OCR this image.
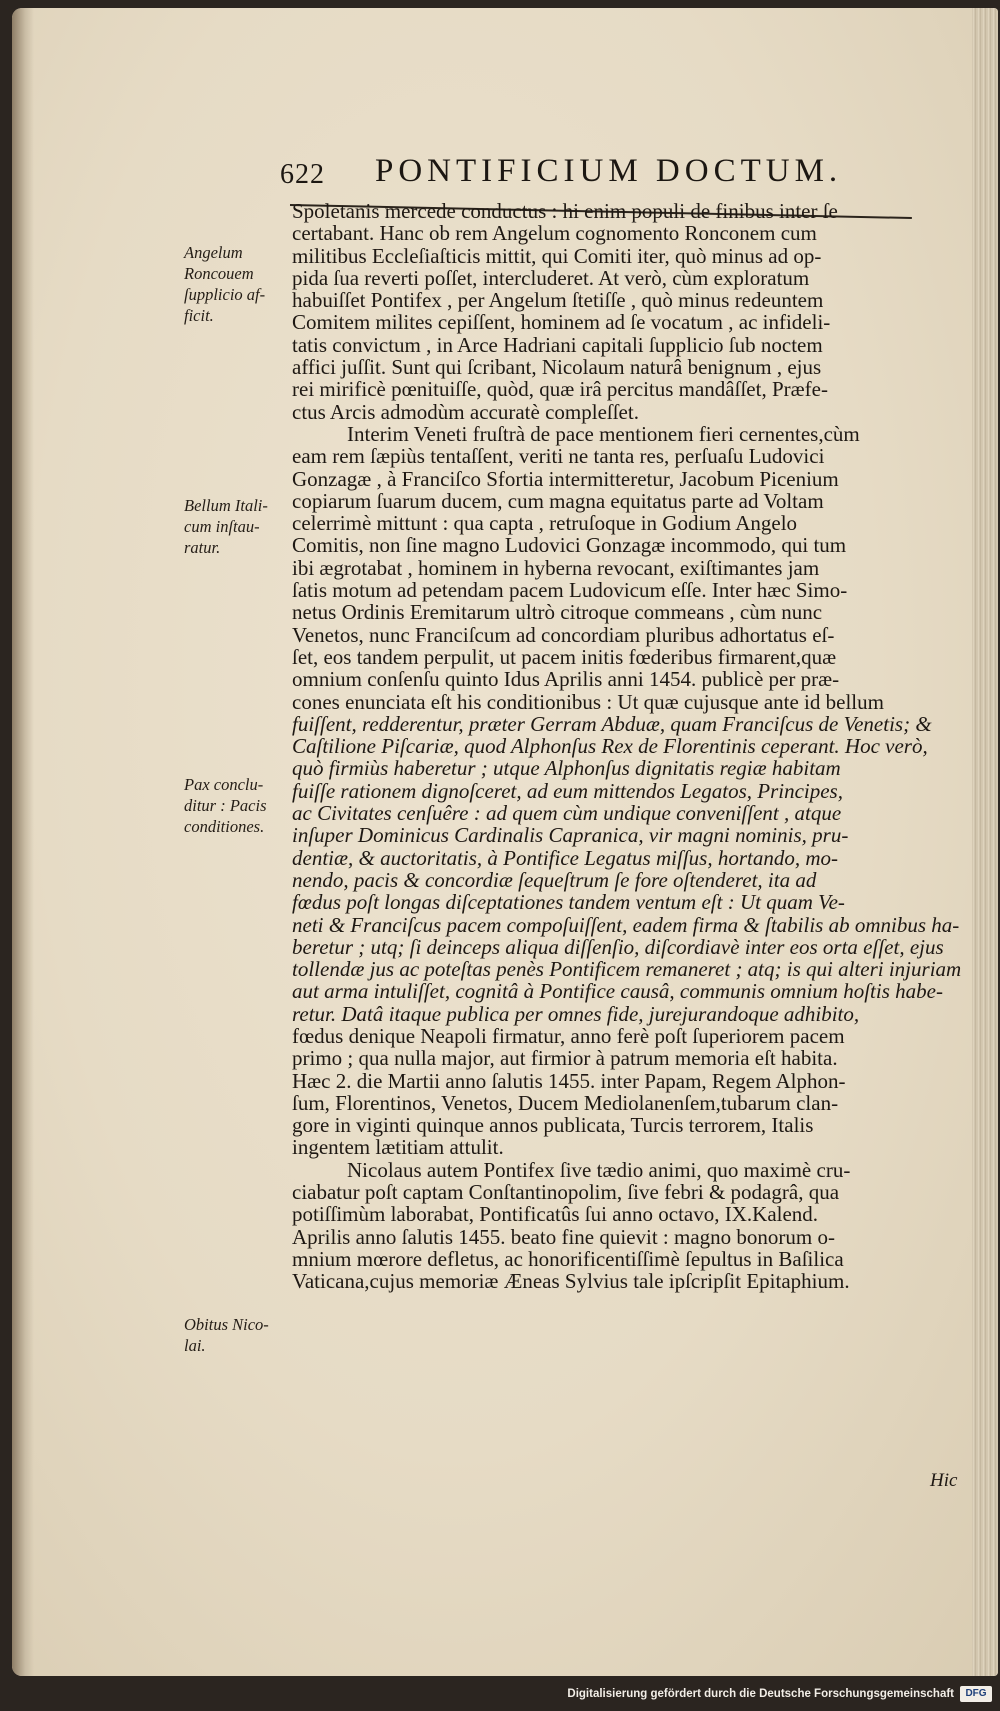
622 PONTIFICIUM DOCTUM.
Angelum
Roncouem
ſupplicio af-
ficit.
Bellum Itali-
cum inſtau-
ratur.
Pax conclu-
ditur : Pacis
conditiones.
Obitus Nico-
lai.
Spoletanis mercede conductus : hi enim populi de finibus inter ſe
certabant. Hanc ob rem Angelum cognomento Ronconem cum
militibus Eccleſiaſticis mittit, qui Comiti iter, quò minus ad op-
pida ſua reverti poſſet, intercluderet. At verò, cùm exploratum
habuiſſet Pontifex , per Angelum ſtetiſſe , quò minus redeuntem
Comitem milites cepiſſent, hominem ad ſe vocatum , ac infideli-
tatis convictum , in Arce Hadriani capitali ſupplicio ſub noctem
affici juſſit. Sunt qui ſcribant, Nicolaum naturâ benignum , ejus
rei mirificè pœnituiſſe, quòd, quæ irâ percitus mandâſſet, Præfe-
ctus Arcis admodùm accuratè compleſſet.
Interim Veneti fruſtrà de pace mentionem fieri cernentes,cùm
eam rem ſæpiùs tentaſſent, veriti ne tanta res, perſuaſu Ludovici
Gonzagæ , à Franciſco Sfortia intermitteretur, Jacobum Picenium
copiarum ſuarum ducem, cum magna equitatus parte ad Voltam
celerrimè mittunt : qua capta , retruſoque in Godium Angelo
Comitis, non ſine magno Ludovici Gonzagæ incommodo, qui tum
ibi ægrotabat , hominem in hyberna revocant, exiſtimantes jam
ſatis motum ad petendam pacem Ludovicum eſſe. Inter hæc Simo-
netus Ordinis Eremitarum ultrò citroque commeans , cùm nunc
Venetos, nunc Franciſcum ad concordiam pluribus adhortatus eſ-
ſet, eos tandem perpulit, ut pacem initis fœderibus firmarent,quæ
omnium conſenſu quinto Idus Aprilis anni 1454. publicè per præ-
cones enunciata eſt his conditionibus : Ut quæ cujusque ante id bellum
fuiſſent, redderentur, præter Gerram Abduæ, quam Franciſcus de Venetis; &
Caſtilione Piſcariæ, quod Alphonſus Rex de Florentinis ceperant. Hoc verò,
quò firmiùs haberetur ; utque Alphonſus dignitatis regiæ habitam
fuiſſe rationem dignoſceret, ad eum mittendos Legatos, Principes,
ac Civitates cenſuêre : ad quem cùm undique conveniſſent , atque
inſuper Dominicus Cardinalis Capranica, vir magni nominis, pru-
dentiæ, & auctoritatis, à Pontifice Legatus miſſus, hortando, mo-
nendo, pacis & concordiæ ſequeſtrum ſe fore oſtenderet, ita ad
fœdus poſt longas diſceptationes tandem ventum eſt : Ut quam Ve-
neti & Franciſcus pacem compoſuiſſent, eadem firma & ſtabilis ab omnibus ha-
beretur ; utq; ſi deinceps aliqua diſſenſio, diſcordiavè inter eos orta eſſet, ejus
tollendæ jus ac poteſtas penès Pontificem remaneret ; atq; is qui alteri injuriam
aut arma intuliſſet, cognitâ à Pontifice causâ, communis omnium hoſtis habe-
retur. Datâ itaque publica per omnes fide, jurejurandoque adhibito,
fœdus denique Neapoli firmatur, anno ferè poſt ſuperiorem pacem
primo ; qua nulla major, aut firmior à patrum memoria eſt habita.
Hæc 2. die Martii anno ſalutis 1455. inter Papam, Regem Alphon-
ſum, Florentinos, Venetos, Ducem Mediolanenſem,tubarum clan-
gore in viginti quinque annos publicata, Turcis terrorem, Italis
ingentem lætitiam attulit.
Nicolaus autem Pontifex ſive tædio animi, quo maximè cru-
ciabatur poſt captam Conſtantinopolim, ſive febri & podagrâ, qua
potiſſimùm laborabat, Pontificatûs ſui anno octavo, IX.Kalend.
Aprilis anno ſalutis 1455. beato fine quievit : magno bonorum o-
mnium mœrore defletus, ac honorificentiſſimè ſepultus in Baſilica
Vaticana,cujus memoriæ Æneas Sylvius tale ipſcripſit Epitaphium.
Hic
Digitalisierung gefördert durch die Deutsche Forschungsgemeinschaft	DFG
